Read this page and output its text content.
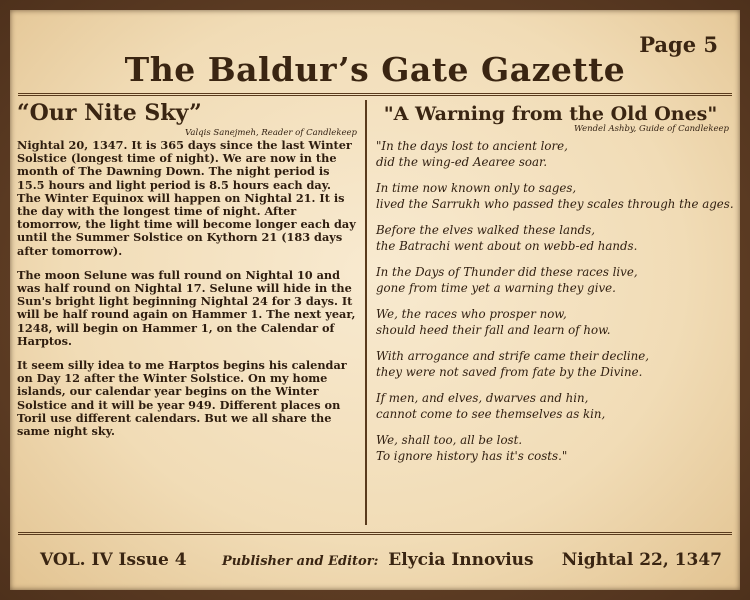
The Baldur’s Gate Gazette
Page 5
“Our Nite Sky”

Valqis Sanejmeh, Reader of Candlekeep

Nightal 20, 1347. It is 365 days since the last Winter Solstice (longest time of night). We are now in the month of The Dawning Down. The night period is 15.5 hours and light period is 8.5 hours each day. The Winter Equinox will happen on Nightal 21. It is the day with the longest time of night. After tomorrow, the light time will become longer each day until the Summer Solstice on Kythorn 21 (183 days after tomorrow).

The moon Selune was full round on Nightal 10 and was half round on Nightal 17. Selune will hide in the Sun's bright light beginning Nightal 24 for 3 days. It will be half round again on Hammer 1. The next year, 1248, will begin on Hammer 1, on the Calendar of Harptos.

It seem silly idea to me Harptos begins his calendar on Day 12 after the Winter Solstice. On my home islands, our calendar year begins on the Winter Solstice and it will be year 949. Different places on Toril use different calendars. But we all share the same night sky.

"A Warning from the Old Ones"

Wendel Ashby, Guide of Candlekeep

"In the days lost to ancient lore,
did the wing-ed Aearee soar.
In time now known only to sages,
lived the Sarrukh who passed they scales through the ages.
Before the elves walked these lands,
the Batrachi went about on webb-ed hands.
In the Days of Thunder did these races live,
gone from time yet a warning they give.
We, the races who prosper now,
should heed their fall and learn of how.
With arrogance and strife came their decline,
they were not saved from fate by the Divine.
If men, and elves, dwarves and hin,
cannot come to see themselves as kin,
We, shall too, all be lost.
To ignore history has it's costs."
VOL. IV Issue 4	Publisher and Editor: Elycia Innovius Nightal 22, 1347
